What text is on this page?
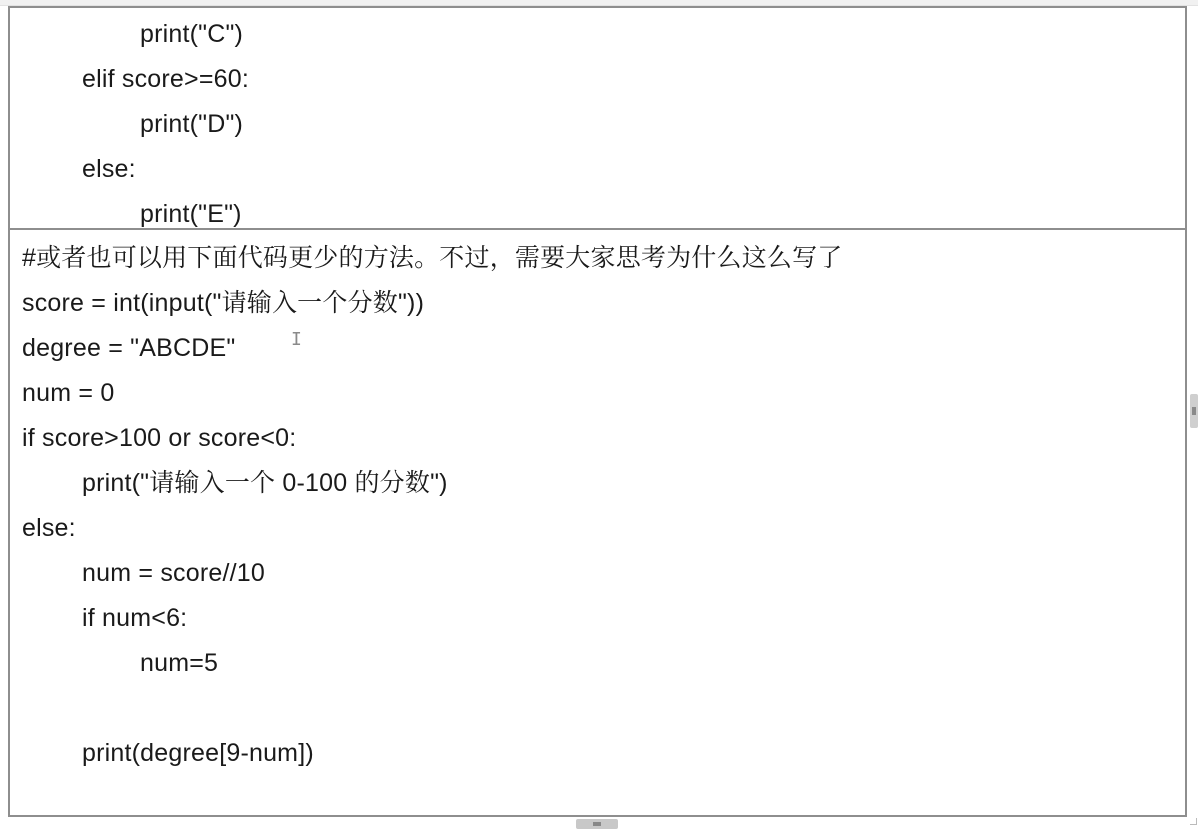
print("C")
elif score>=60:
print("D")
else:
print("E")
#或者也可以用下面代码更少的方法。不过，需要大家思考为什么这么写了
score = int(input("请输入一个分数"))
degree = "ABCDE"
num = 0
if score>100 or score<0:
print("请输入一个 0-100 的分数")
else:
num = score//10
if num<6:
num=5
print(degree[9-num])
I
